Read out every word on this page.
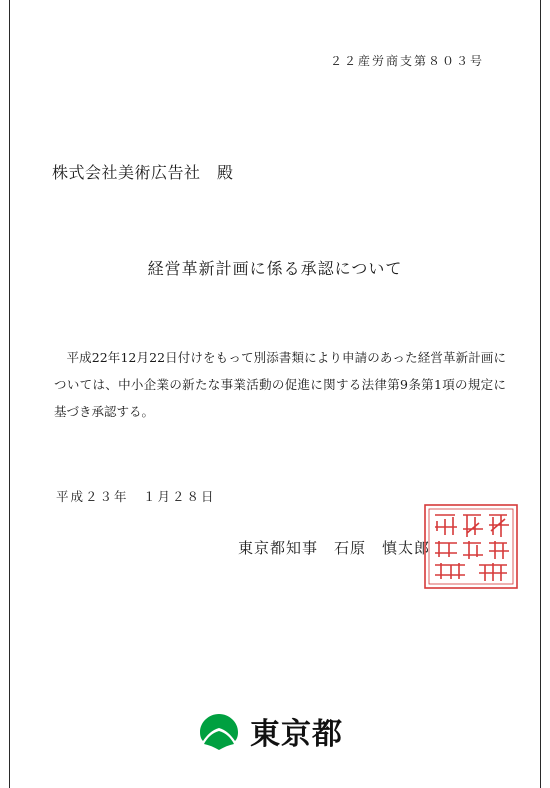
２２産労商支第８０３号
株式会社美術広告社　殿
経営革新計画に係る承認について

平成22年12月22日付けをもって別添書類により申請のあった経営革新計画については、中小企業の新たな事業活動の促進に関する法律第9条第1項の規定に基づき承認する。

平成２３年　１月２８日
東京都知事　石原　慎太郎
東京都
